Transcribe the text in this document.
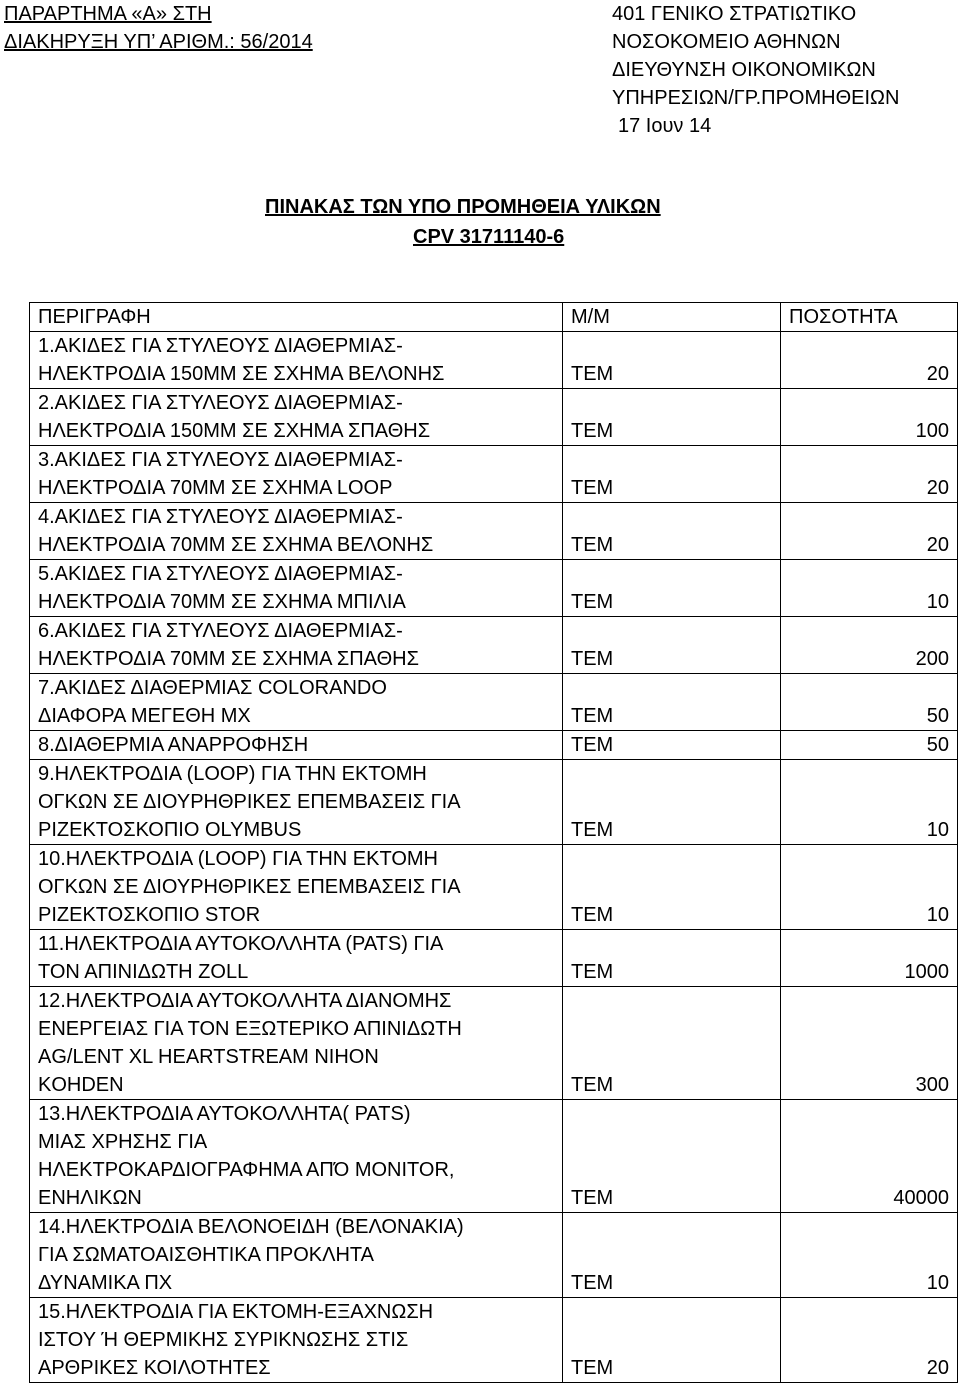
ΠΑΡΑΡΤΗΜΑ «Α» ΣΤΗ
ΔΙΑΚΗΡΥΞΗ ΥΠ’ ΑΡΙΘΜ.: 56/2014
401 ΓΕΝΙΚΟ ΣΤΡΑΤΙΩΤΙΚΟ
ΝΟΣΟΚΟΜΕΙΟ ΑΘΗΝΩΝ
ΔΙΕΥΘΥΝΣΗ ΟΙΚΟΝΟΜΙΚΩΝ
ΥΠΗΡΕΣΙΩΝ/ΓΡ.ΠΡΟΜΗΘΕΙΩΝ
17 Ιουν 14
ΠΙΝΑΚΑΣ ΤΩΝ ΥΠΟ ΠΡΟΜΗΘΕΙΑ ΥΛΙΚΩΝ
CPV 31711140-6
ΠΕΡΙΓΡΑΦΗ	Μ/Μ	ΠΟΣΟΤΗΤΑ
1.ΑΚΙΔΕΣ ΓΙΑ ΣΤΥΛΕΟΥΣ ΔΙΑΘΕΡΜΙΑΣ-
ΗΛΕΚΤΡΟΔΙΑ 150ΜΜ ΣΕ ΣΧΗΜΑ ΒΕΛΟΝΗΣ	ΤΕΜ	20
2.ΑΚΙΔΕΣ ΓΙΑ ΣΤΥΛΕΟΥΣ ΔΙΑΘΕΡΜΙΑΣ-
ΗΛΕΚΤΡΟΔΙΑ 150ΜΜ ΣΕ ΣΧΗΜΑ ΣΠΑΘΗΣ	ΤΕΜ	100
3.ΑΚΙΔΕΣ ΓΙΑ ΣΤΥΛΕΟΥΣ ΔΙΑΘΕΡΜΙΑΣ-
ΗΛΕΚΤΡΟΔΙΑ 70ΜΜ ΣΕ ΣΧΗΜΑ LOOP	ΤΕΜ	20
4.ΑΚΙΔΕΣ ΓΙΑ ΣΤΥΛΕΟΥΣ ΔΙΑΘΕΡΜΙΑΣ-
ΗΛΕΚΤΡΟΔΙΑ 70ΜΜ ΣΕ ΣΧΗΜΑ ΒΕΛΟΝΗΣ	ΤΕΜ	20
5.ΑΚΙΔΕΣ ΓΙΑ ΣΤΥΛΕΟΥΣ ΔΙΑΘΕΡΜΙΑΣ-
ΗΛΕΚΤΡΟΔΙΑ 70ΜΜ ΣΕ ΣΧΗΜΑ ΜΠΙΛΙΑ	ΤΕΜ	10
6.ΑΚΙΔΕΣ ΓΙΑ ΣΤΥΛΕΟΥΣ ΔΙΑΘΕΡΜΙΑΣ-
ΗΛΕΚΤΡΟΔΙΑ 70ΜΜ ΣΕ ΣΧΗΜΑ ΣΠΑΘΗΣ	ΤΕΜ	200
7.ΑΚΙΔΕΣ ΔΙΑΘΕΡΜΙΑΣ COLORANDO
ΔΙΑΦΟΡΑ ΜΕΓΕΘΗ ΜΧ	ΤΕΜ	50
8.ΔΙΑΘΕΡΜΙΑ ΑΝΑΡΡΟΦΗΣΗ	ΤΕΜ	50
9.ΗΛΕΚΤΡΟΔΙΑ (LOOP) ΓΙΑ ΤΗΝ ΕΚΤΟΜΗ
ΟΓΚΩΝ ΣΕ ΔΙΟΥΡΗΘΡΙΚΕΣ ΕΠΕΜΒΑΣΕΙΣ ΓΙΑ
ΡΙΖΕΚΤΟΣΚΟΠΙΟ OLYMBUS	ΤΕΜ	10
10.ΗΛΕΚΤΡΟΔΙΑ (LOOP) ΓΙΑ ΤΗΝ ΕΚΤΟΜΗ
ΟΓΚΩΝ ΣΕ ΔΙΟΥΡΗΘΡΙΚΕΣ ΕΠΕΜΒΑΣΕΙΣ ΓΙΑ
ΡΙΖΕΚΤΟΣΚΟΠΙΟ STOR	ΤΕΜ	10
11.ΗΛΕΚΤΡΟΔΙΑ ΑΥΤΟΚΟΛΛΗΤΑ (PATS) ΓΙΑ
ΤΟΝ ΑΠΙΝΙΔΩΤΗ ZOLL	ΤΕΜ	1000
12.ΗΛΕΚΤΡΟΔΙΑ ΑΥΤΟΚΟΛΛΗΤΑ ΔΙΑΝΟΜΗΣ
ΕΝΕΡΓΕΙΑΣ ΓΙΑ ΤΟΝ ΕΞΩΤΕΡΙΚΟ ΑΠΙΝΙΔΩΤΗ
AG/LENT XL HEARTSTREAM NIHON
KOHDEN	ΤΕΜ	300
13.ΗΛΕΚΤΡΟΔΙΑ ΑΥΤΟΚΟΛΛΗΤΑ( PATS)
ΜΙΑΣ ΧΡΗΣΗΣ ΓΙΑ
ΗΛΕΚΤΡΟΚΑΡΔΙΟΓΡΑΦΗΜΑ ΑΠΌ MONITOR,
ΕΝΗΛΙΚΩΝ	ΤΕΜ	40000
14.ΗΛΕΚΤΡΟΔΙΑ ΒΕΛΟΝΟΕΙΔΗ (ΒΕΛΟΝΑΚΙΑ)
ΓΙΑ ΣΩΜΑΤΟΑΙΣΘΗΤΙΚΑ ΠΡΟΚΛΗΤΑ
ΔΥΝΑΜΙΚΑ ΠΧ	ΤΕΜ	10
15.ΗΛΕΚΤΡΟΔΙΑ ΓΙΑ ΕΚΤΟΜΗ-ΕΞΑΧΝΩΣΗ
ΙΣΤΟΥ Ή ΘΕΡΜΙΚΗΣ ΣΥΡΙΚΝΩΣΗΣ ΣΤΙΣ
ΑΡΘΡΙΚΕΣ ΚΟΙΛΟΤΗΤΕΣ	ΤΕΜ	20
